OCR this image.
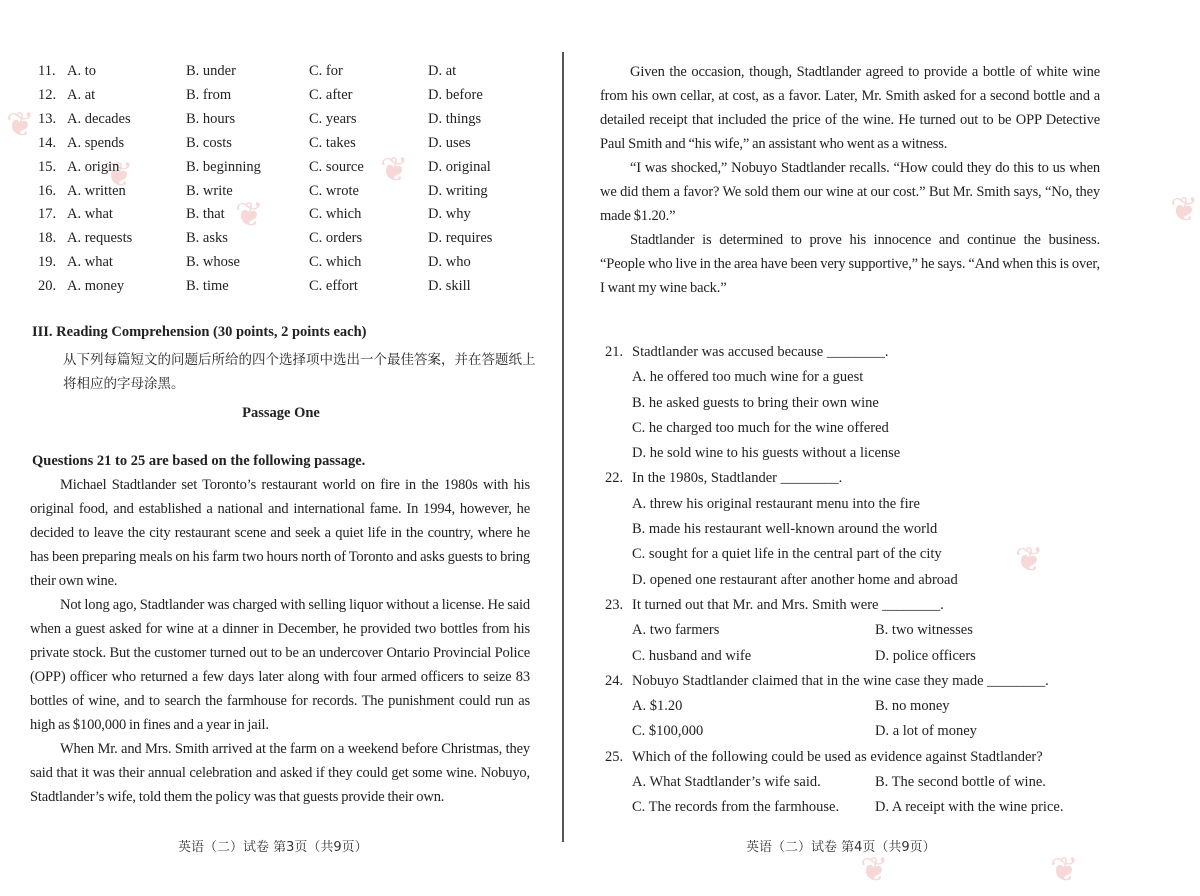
❦
❦	❦
❦
❦
❦
❦
❦
11. A. to	B. under	C. for	D. at
12. A. at	B. from	C. after	D. before
13. A. decades	B. hours	C. years	D. things
14. A. spends	B. costs	C. takes	D. uses
15. A. origin	B. beginning	C. source	D. original
16. A. written	B. write	C. wrote	D. writing
17. A. what	B. that	C. which	D. why
18. A. requests	B. asks	C. orders	D. requires
19. A. what	B. whose	C. which	D. who
20. A. money	B. time	C. effort	D. skill
III. Reading Comprehension (30 points, 2 points each)
从下列每篇短文的问题后所给的四个选择项中选出一个最佳答案，并在答题纸上
将相应的字母涂黑。
Passage One
Questions 21 to 25 are based on the following passage.

Michael Stadtlander set Toronto’s restaurant world on fire in the 1980s with his original food, and established a national and international fame. In 1994, however, he decided to leave the city restaurant scene and seek a quiet life in the country, where he has been preparing meals on his farm two hours north of Toronto and asks guests to bring their own wine.

Not long ago, Stadtlander was charged with selling liquor without a license. He said when a guest asked for wine at a dinner in December, he provided two bottles from his private stock. But the customer turned out to be an undercover Ontario Provincial Police (OPP) officer who returned a few days later along with four armed officers to seize 83 bottles of wine, and to search the farmhouse for records. The punishment could run as high as $100,000 in fines and a year in jail.

When Mr. and Mrs. Smith arrived at the farm on a weekend before Christmas, they said that it was their annual celebration and asked if they could get some wine. Nobuyo, Stadtlander’s wife, told them the policy was that guests provide their own.

Given the occasion, though, Stadtlander agreed to provide a bottle of white wine from his own cellar, at cost, as a favor. Later, Mr. Smith asked for a second bottle and a detailed receipt that included the price of the wine. He turned out to be OPP Detective Paul Smith and “his wife,” an assistant who went as a witness.

“I was shocked,” Nobuyo Stadtlander recalls. “How could they do this to us when we did them a favor? We sold them our wine at our cost.” But Mr. Smith says, “No, they made $1.20.”

Stadtlander is determined to prove his innocence and continue the business. “People who live in the area have been very supportive,” he says. “And when this is over, I want my wine back.”

21. Stadtlander was accused because ________.
A. he offered too much wine for a guest
B. he asked guests to bring their own wine
C. he charged too much for the wine offered
D. he sold wine to his guests without a license
22. In the 1980s, Stadtlander ________.
A. threw his original restaurant menu into the fire
B. made his restaurant well-known around the world
C. sought for a quiet life in the central part of the city
D. opened one restaurant after another home and abroad
23. It turned out that Mr. and Mrs. Smith were ________.
A. two farmers	B. two witnesses
C. husband and wife	D. police officers
24. Nobuyo Stadtlander claimed that in the wine case they made ________.
A. $1.20	B. no money
C. $100,000	D. a lot of money
25. Which of the following could be used as evidence against Stadtlander?
A. What Stadtlander’s wife said.	B. The second bottle of wine.
C. The records from the farmhouse. D. A receipt with the wine price.
英语（二）试卷 第3页（共9页）	英语（二）试卷 第4页（共9页）
